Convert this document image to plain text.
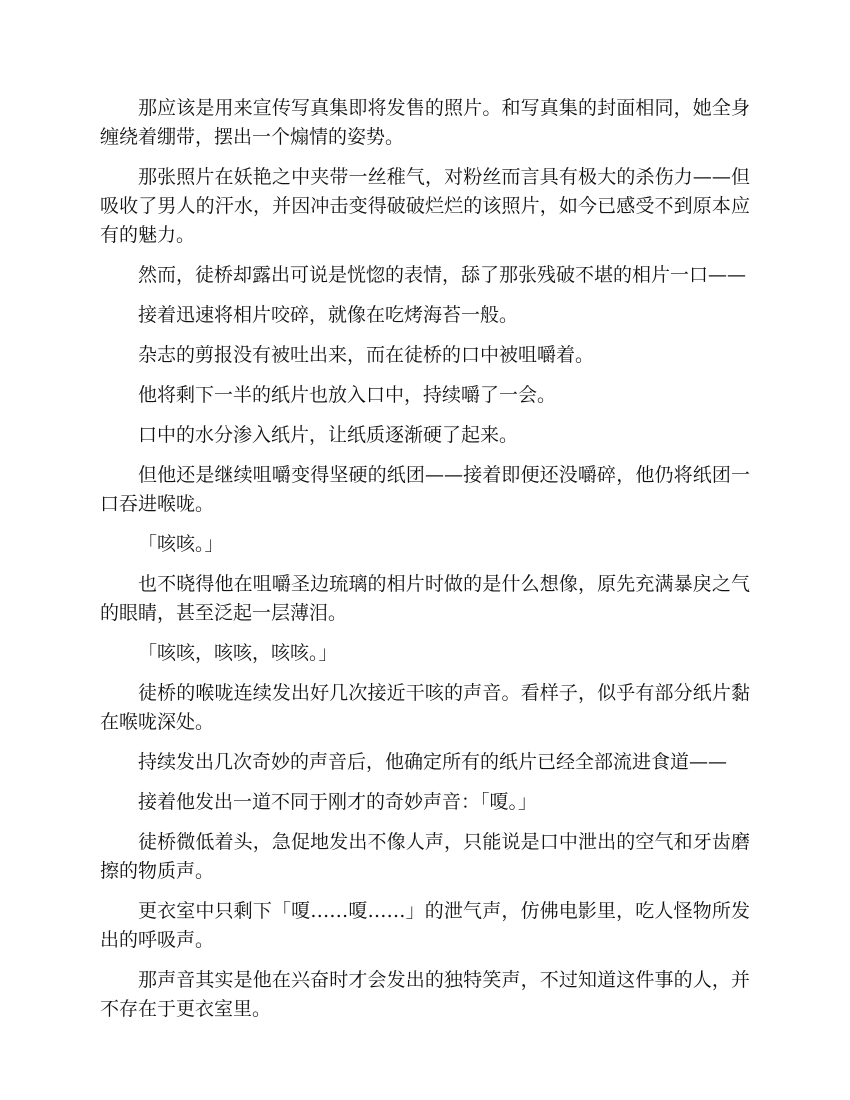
那应该是用来宣传写真集即将发售的照片。和写真集的封面相同，她全身缠绕着绷带，摆出一个煽情的姿势。

那张照片在妖艳之中夹带一丝稚气，对粉丝而言具有极大的杀伤力——但吸收了男人的汗水，并因冲击变得破破烂烂的该照片，如今已感受不到原本应有的魅力。

然而，徒桥却露出可说是恍惚的表情，舔了那张残破不堪的相片一口——

接着迅速将相片咬碎，就像在吃烤海苔一般。

杂志的剪报没有被吐出来，而在徒桥的口中被咀嚼着。

他将剩下一半的纸片也放入口中，持续嚼了一会。

口中的水分渗入纸片，让纸质逐渐硬了起来。

但他还是继续咀嚼变得坚硬的纸团——接着即便还没嚼碎，他仍将纸团一口吞进喉咙。

「咳咳。」

也不晓得他在咀嚼圣边琉璃的相片时做的是什么想像，原先充满暴戾之气的眼睛，甚至泛起一层薄泪。

「咳咳，咳咳，咳咳。」

徒桥的喉咙连续发出好几次接近干咳的声音。看样子，似乎有部分纸片黏在喉咙深处。

持续发出几次奇妙的声音后，他确定所有的纸片已经全部流进食道——

接着他发出一道不同于刚才的奇妙声音：「嗄。」

徒桥微低着头，急促地发出不像人声，只能说是口中泄出的空气和牙齿磨擦的物质声。

更衣室中只剩下「嗄……嗄……」的泄气声，仿佛电影里，吃人怪物所发出的呼吸声。

那声音其实是他在兴奋时才会发出的独特笑声，不过知道这件事的人，并不存在于更衣室里。
